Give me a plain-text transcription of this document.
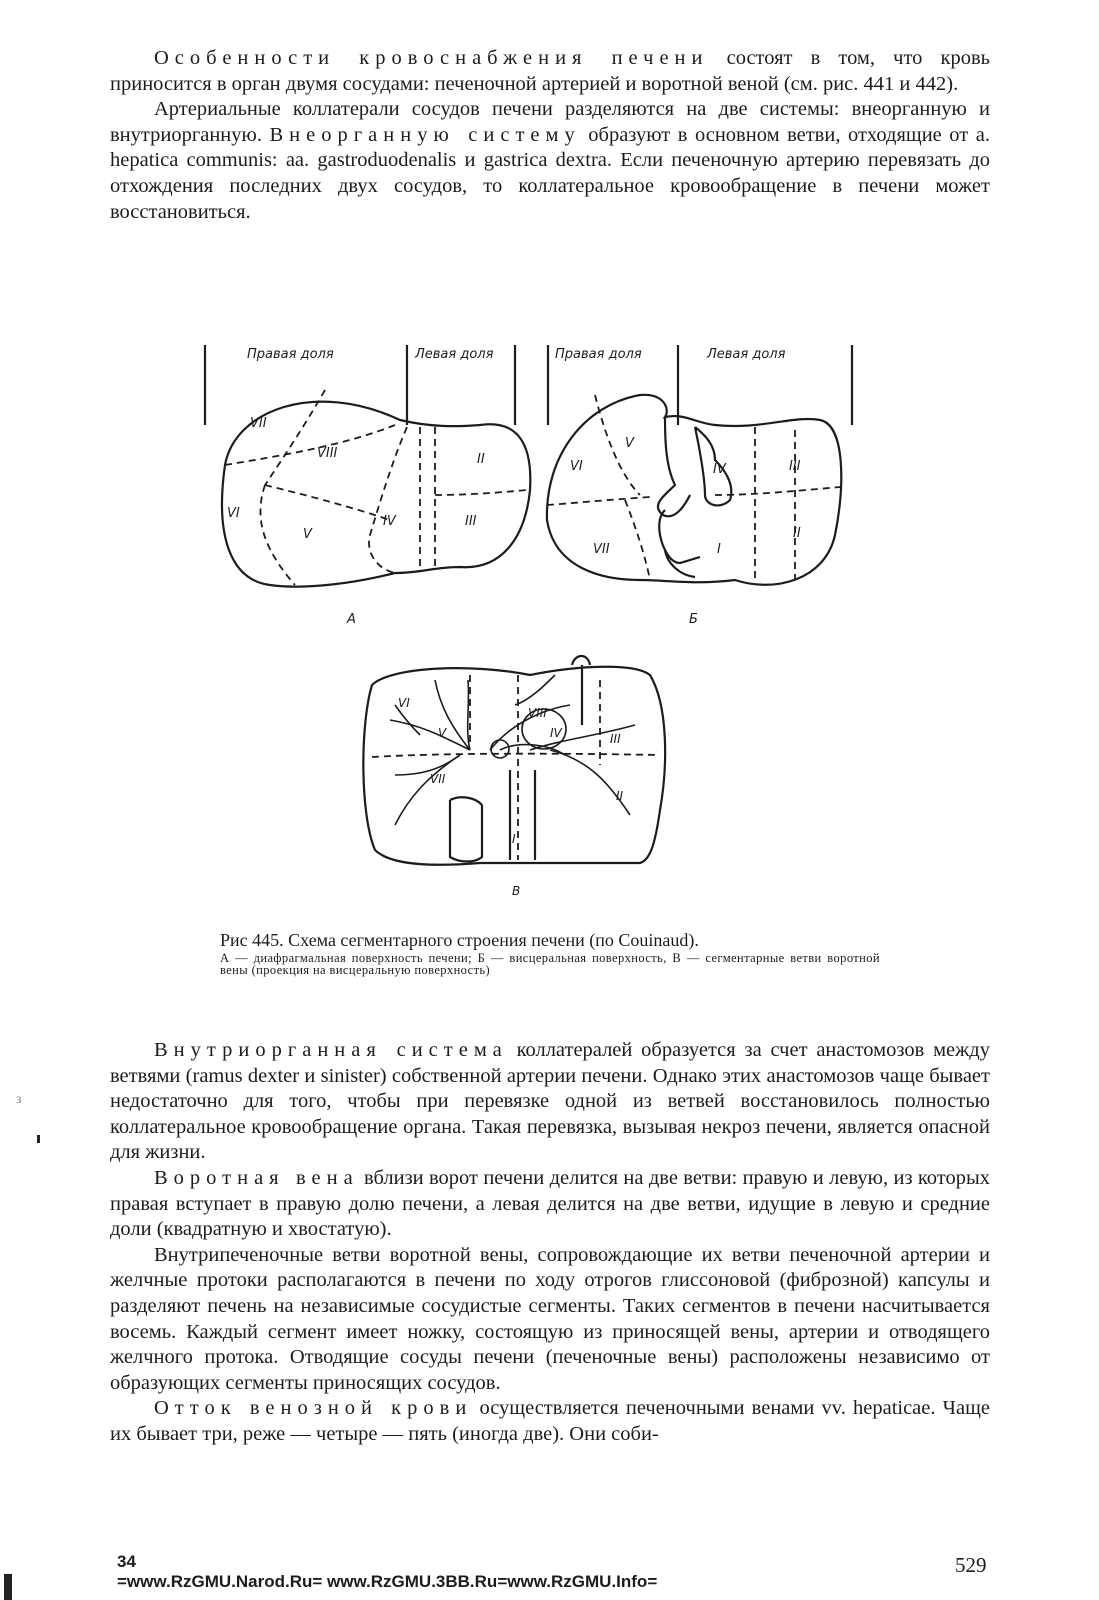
Особенности кровоснабжения печени состоят в том, что кровь приносится в орган двумя сосудами: печеночной артерией и воротной веной (см. рис. 441 и 442).

Артериальные коллатерали сосудов печени разделяются на две системы: внеорганную и внутриорганную. Внеорганную систему образуют в основном ветви, отходящие от a. hepatica communis: aa. gastroduodenalis и gastrica dextra. Если печеночную артерию перевязать до отхождения последних двух сосудов, то коллатеральное кровообращение в печени может восстановиться.

Правая доля	Левая доля	Правая доля	Левая доля
VII
VIII
VI
V
IV
II
III
VI
V
IV	III
VII	I
II
А	Б
VI
V
VIII
IV	III
VII
II
I
В

Рис 445. Схема сегментарного строения печени (по Couinaud).

А — диафрагмальная поверхность печени; Б — висцеральная поверхность, В — сегментарные ветви воротной вены (проекция на висцеральную поверхность)

Внутриорганная система коллатералей образуется за счет анастомозов между ветвями (ramus dexter и sinister) собственной артерии печени. Однако этих анастомозов чаще бывает недостаточно для того, чтобы при перевязке одной из ветвей восстановилось полностью коллатеральное кровообращение органа. Такая перевязка, вызывая некроз печени, является опасной для жизни.

Воротная вена вблизи ворот печени делится на две ветви: правую и левую, из которых правая вступает в правую долю печени, а левая делится на две ветви, идущие в левую и средние доли (квадратную и хвостатую).

Внутрипеченочные ветви воротной вены, сопровождающие их ветви печеночной артерии и желчные протоки располагаются в печени по ходу отрогов глиссоновой (фиброзной) капсулы и разделяют печень на независимые сосудистые сегменты. Таких сегментов в печени насчитывается восемь. Каждый сегмент имеет ножку, состоящую из приносящей вены, артерии и отводящего желчного протока. Отводящие сосуды печени (печеночные вены) расположены независимо от образующих сегменты приносящих сосудов.

Отток венозной крови осуществляется печеночными венами vv. hepaticae. Чаще их бывает три, реже — четыре — пять (иногда две). Они соби-

з
34
=www.RzGMU.Narod.Ru= www.RzGMU.3BB.Ru=www.RzGMU.Info=
529
